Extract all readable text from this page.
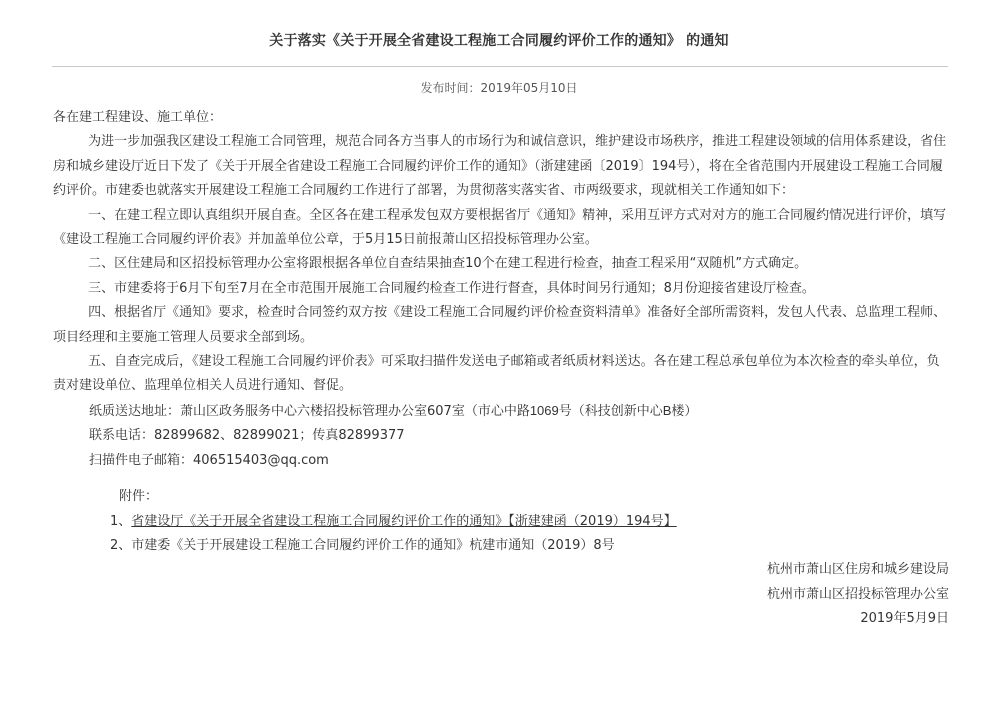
关于落实《关于开展全省建设工程施工合同履约评价工作的通知》 的通知
发布时间：2019年05月10日

各在建工程建设、施工单位：

为进一步加强我区建设工程施工合同管理，规范合同各方当事人的市场行为和诚信意识，维护建设市场秩序，推进工程建设领域的信用体系建设，省住房和城乡建设厅近日下发了《关于开展全省建设工程施工合同履约评价工作的通知》（浙建建函〔2019〕194号），将在全省范围内开展建设工程施工合同履约评价。市建委也就落实开展建设工程施工合同履约工作进行了部署，为贯彻落实落实省、市两级要求，现就相关工作通知如下：

一、在建工程立即认真组织开展自查。全区各在建工程承发包双方要根据省厅《通知》精神，采用互评方式对对方的施工合同履约情况进行评价，填写《建设工程施工合同履约评价表》并加盖单位公章，于5月15日前报萧山区招投标管理办公室。

二、区住建局和区招投标管理办公室将跟根据各单位自查结果抽查10个在建工程进行检查，抽查工程采用“双随机”方式确定。

三、市建委将于6月下旬至7月在全市范围开展施工合同履约检查工作进行督查，具体时间另行通知；8月份迎接省建设厅检查。

四、根据省厅《通知》要求，检查时合同签约双方按《建设工程施工合同履约评价检查资料清单》准备好全部所需资料，发包人代表、总监理工程师、项目经理和主要施工管理人员要求全部到场。

五、自查完成后，《建设工程施工合同履约评价表》可采取扫描件发送电子邮箱或者纸质材料送达。各在建工程总承包单位为本次检查的牵头单位，负责对建设单位、监理单位相关人员进行通知、督促。

纸质送达地址：萧山区政务服务中心六楼招投标管理办公室607室（市心中路1069号（科技创新中心B楼）

联系电话：82899682、82899021；传真82899377

扫描件电子邮箱：406515403@qq.com

附件：

1、省建设厅《关于开展全省建设工程施工合同履约评价工作的通知》【浙建建函（2019）194号】

2、市建委《关于开展建设工程施工合同履约评价工作的通知》杭建市通知（2019）8号

杭州市萧山区住房和城乡建设局

杭州市萧山区招投标管理办公室

2019年5月9日
